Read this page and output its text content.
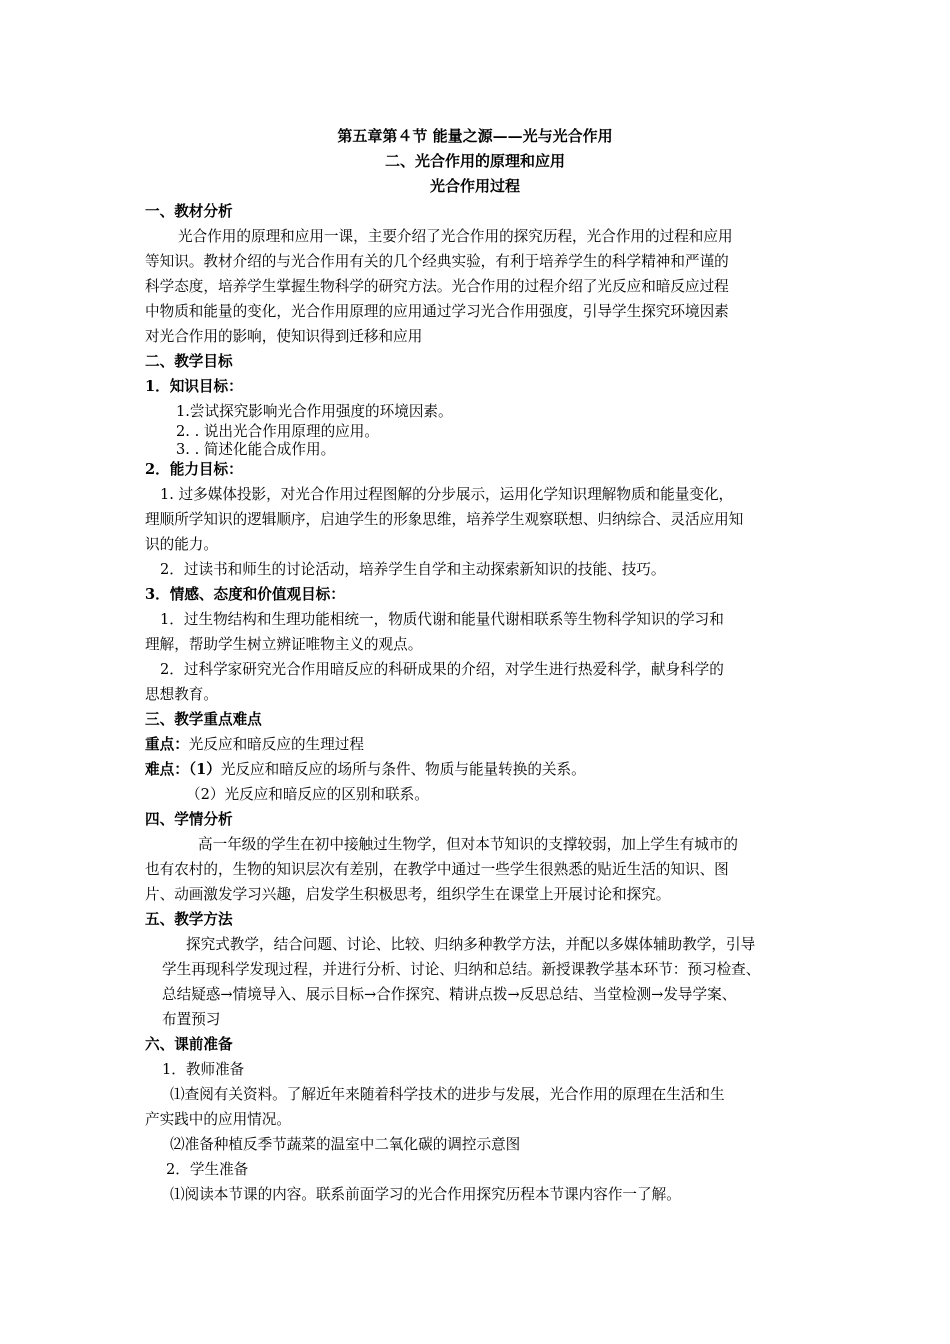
第五章第４节 能量之源——光与光合作用
二、光合作用的原理和应用
光合作用过程
一、教材分析
光合作用的原理和应用一课，主要介绍了光合作用的探究历程，光合作用的过程和应用
等知识。教材介绍的与光合作用有关的几个经典实验，有利于培养学生的科学精神和严谨的
科学态度，培养学生掌握生物科学的研究方法。光合作用的过程介绍了光反应和暗反应过程
中物质和能量的变化，光合作用原理的应用通过学习光合作用强度，引导学生探究环境因素
对光合作用的影响，使知识得到迁移和应用
二、教学目标
1．知识目标：
1.尝试探究影响光合作用强度的环境因素。
2. . 说出光合作用原理的应用。
3. . 简述化能合成作用。
2．能力目标：
1. 过多媒体投影，对光合作用过程图解的分步展示，运用化学知识理解物质和能量变化，
理顺所学知识的逻辑顺序，启迪学生的形象思维，培养学生观察联想、归纳综合、灵活应用知
识的能力。
2．过读书和师生的讨论活动，培养学生自学和主动探索新知识的技能、技巧。
3．情感、态度和价值观目标：
1．过生物结构和生理功能相统一，物质代谢和能量代谢相联系等生物科学知识的学习和
理解，帮助学生树立辨证唯物主义的观点。
2．过科学家研究光合作用暗反应的科研成果的介绍，对学生进行热爱科学，献身科学的
思想教育。
三、教学重点难点
重点：光反应和暗反应的生理过程
难点：（1）光反应和暗反应的场所与条件、物质与能量转换的关系。
（2）光反应和暗反应的区别和联系。
四、学情分析
高一年级的学生在初中接触过生物学，但对本节知识的支撑较弱，加上学生有城市的
也有农村的，生物的知识层次有差别，在教学中通过一些学生很熟悉的贴近生活的知识、图
片、动画激发学习兴趣，启发学生积极思考，组织学生在课堂上开展讨论和探究。
五、教学方法
探究式教学，结合问题、讨论、比较、归纳多种教学方法，并配以多媒体辅助教学，引导
学生再现科学发现过程，并进行分析、讨论、归纳和总结。新授课教学基本环节：预习检查、
总结疑惑→情境导入、展示目标→合作探究、精讲点拨→反思总结、当堂检测→发导学案、
布置预习
六、课前准备
1．教师准备
⑴查阅有关资料。了解近年来随着科学技术的进步与发展，光合作用的原理在生活和生
产实践中的应用情况。
⑵准备种植反季节蔬菜的温室中二氧化碳的调控示意图
2．学生准备
⑴阅读本节课的内容。联系前面学习的光合作用探究历程本节课内容作一了解。
